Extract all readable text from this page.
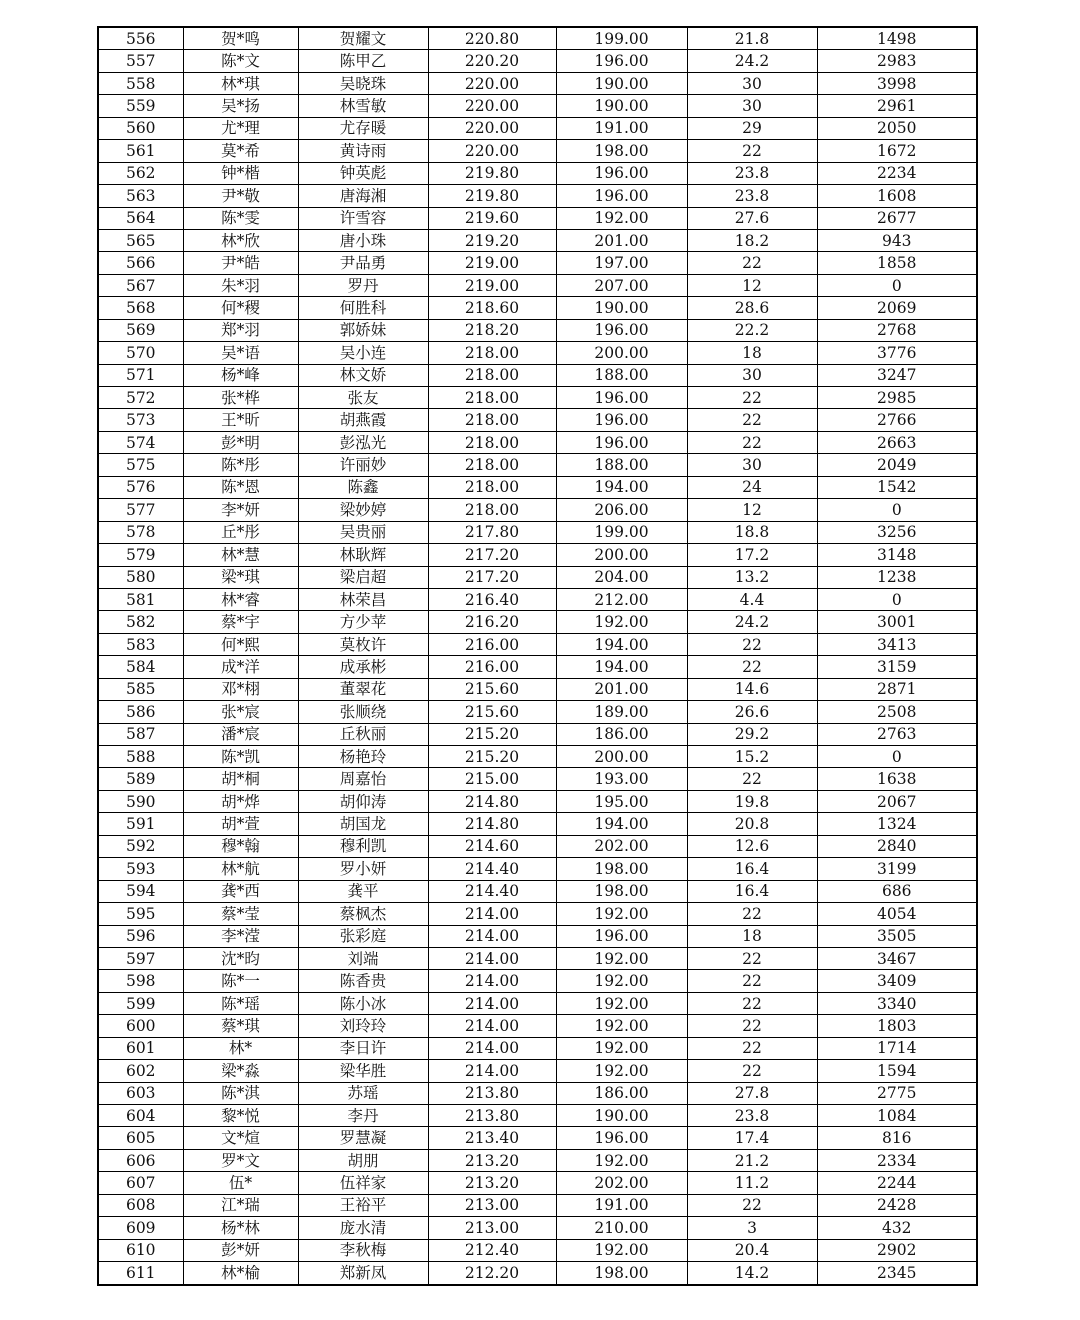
556	贺*鸣	贺耀文	220.80	199.00	21.8	1498
557	陈*文	陈甲乙	220.20	196.00	24.2	2983
558	林*琪	吴晓珠	220.00	190.00	30	3998
559	吴*扬	林雪敏	220.00	190.00	30	2961
560	尤*理	尤存暖	220.00	191.00	29	2050
561	莫*希	黄诗雨	220.00	198.00	22	1672
562	钟*楷	钟英彪	219.80	196.00	23.8	2234
563	尹*敬	唐海湘	219.80	196.00	23.8	1608
564	陈*雯	许雪容	219.60	192.00	27.6	2677
565	林*欣	唐小珠	219.20	201.00	18.2	943
566	尹*皓	尹品勇	219.00	197.00	22	1858
567	朱*羽	罗丹	219.00	207.00	12	0
568	何*稷	何胜科	218.60	190.00	28.6	2069
569	郑*羽	郭娇妹	218.20	196.00	22.2	2768
570	吴*语	吴小连	218.00	200.00	18	3776
571	杨*峰	林文娇	218.00	188.00	30	3247
572	张*桦	张友	218.00	196.00	22	2985
573	王*昕	胡燕霞	218.00	196.00	22	2766
574	彭*明	彭泓光	218.00	196.00	22	2663
575	陈*彤	许丽妙	218.00	188.00	30	2049
576	陈*恩	陈鑫	218.00	194.00	24	1542
577	李*妍	梁妙婷	218.00	206.00	12	0
578	丘*彤	吴贵丽	217.80	199.00	18.8	3256
579	林*慧	林耿辉	217.20	200.00	17.2	3148
580	梁*琪	梁启超	217.20	204.00	13.2	1238
581	林*睿	林荣昌	216.40	212.00	4.4	0
582	蔡*宇	方少苹	216.20	192.00	24.2	3001
583	何*熙	莫枚许	216.00	194.00	22	3413
584	成*洋	成承彬	216.00	194.00	22	3159
585	邓*栩	董翠花	215.60	201.00	14.6	2871
586	张*宸	张顺绕	215.60	189.00	26.6	2508
587	潘*宸	丘秋丽	215.20	186.00	29.2	2763
588	陈*凯	杨艳玲	215.20	200.00	15.2	0
589	胡*桐	周嘉怡	215.00	193.00	22	1638
590	胡*烨	胡仰涛	214.80	195.00	19.8	2067
591	胡*萱	胡国龙	214.80	194.00	20.8	1324
592	穆*翰	穆利凯	214.60	202.00	12.6	2840
593	林*航	罗小妍	214.40	198.00	16.4	3199
594	龚*西	龚平	214.40	198.00	16.4	686
595	蔡*莹	蔡枫杰	214.00	192.00	22	4054
596	李*滢	张彩庭	214.00	196.00	18	3505
597	沈*昀	刘端	214.00	192.00	22	3467
598	陈*一	陈香贵	214.00	192.00	22	3409
599	陈*瑶	陈小冰	214.00	192.00	22	3340
600	蔡*琪	刘玲玲	214.00	192.00	22	1803
601	林*	李日许	214.00	192.00	22	1714
602	梁*淼	梁华胜	214.00	192.00	22	1594
603	陈*淇	苏瑶	213.80	186.00	27.8	2775
604	黎*悦	李丹	213.80	190.00	23.8	1084
605	文*煊	罗慧凝	213.40	196.00	17.4	816
606	罗*文	胡朋	213.20	192.00	21.2	2334
607	伍*	伍祥家	213.20	202.00	11.2	2244
608	江*瑞	王裕平	213.00	191.00	22	2428
609	杨*林	庞水清	213.00	210.00	3	432
610	彭*妍	李秋梅	212.40	192.00	20.4	2902
611	林*榆	郑新凤	212.20	198.00	14.2	2345
